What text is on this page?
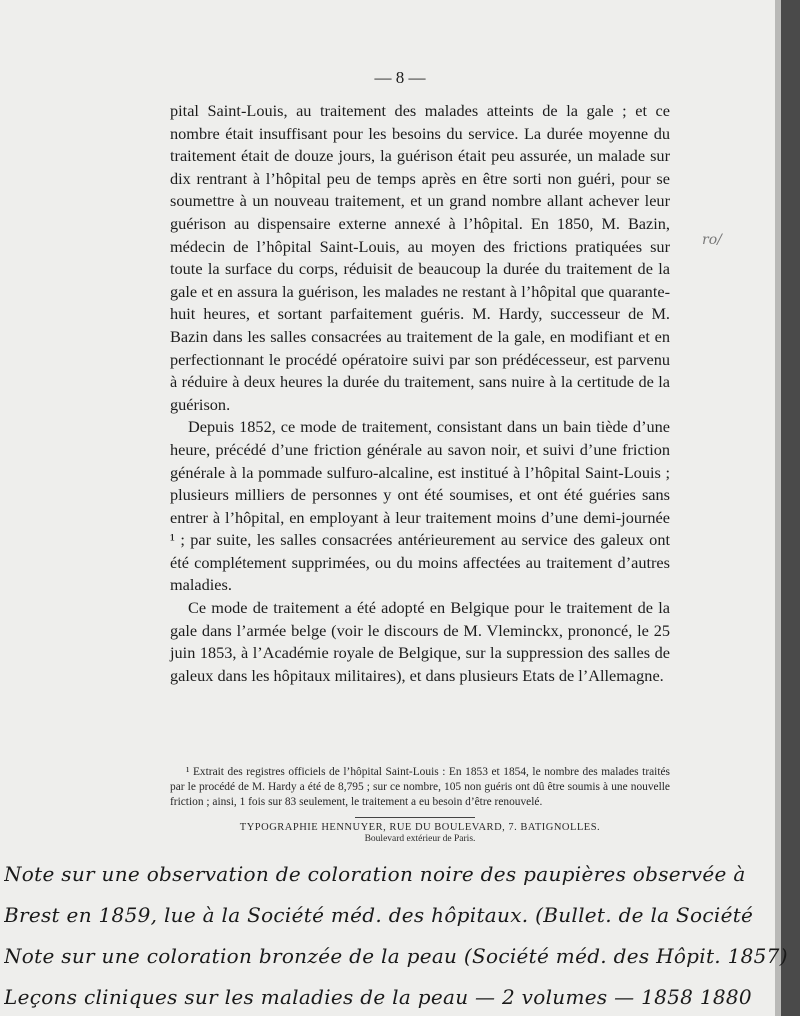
— 8 —
ro/

pital Saint-Louis, au traitement des malades atteints de la gale ; et ce nombre était insuffisant pour les besoins du service. La durée moyenne du traitement était de douze jours, la guérison était peu assurée, un malade sur dix rentrant à l’hôpital peu de temps après en être sorti non guéri, pour se soumettre à un nouveau traitement, et un grand nombre allant achever leur guérison au dispensaire externe annexé à l’hôpital. En 1850, M. Bazin, médecin de l’hôpital Saint-Louis, au moyen des frictions pratiquées sur toute la surface du corps, réduisit de beaucoup la durée du traitement de la gale et en assura la guérison, les malades ne restant à l’hôpital que quarante-huit heures, et sortant parfaitement guéris. M. Hardy, successeur de M. Bazin dans les salles consacrées au traitement de la gale, en modifiant et en perfectionnant le procédé opératoire suivi par son prédécesseur, est parvenu à réduire à deux heures la durée du traitement, sans nuire à la certitude de la guérison.

Depuis 1852, ce mode de traitement, consistant dans un bain tiède d’une heure, précédé d’une friction générale au savon noir, et suivi d’une friction générale à la pommade sulfuro-alcaline, est institué à l’hôpital Saint-Louis ; plusieurs milliers de personnes y ont été soumises, et ont été guéries sans entrer à l’hôpital, en employant à leur traitement moins d’une demi-journée ¹ ; par suite, les salles consacrées antérieurement au service des galeux ont été complétement supprimées, ou du moins affectées au traitement d’autres maladies.

Ce mode de traitement a été adopté en Belgique pour le traitement de la gale dans l’armée belge (voir le discours de M. Vleminckx, prononcé, le 25 juin 1853, à l’Académie royale de Belgique, sur la suppression des salles de galeux dans les hôpitaux militaires), et dans plusieurs Etats de l’Allemagne.

¹ Extrait des registres officiels de l’hôpital Saint-Louis : En 1853 et 1854, le nombre des malades traités par le procédé de M. Hardy a été de 8,795 ; sur ce nombre, 105 non guéris ont dû être soumis à une nouvelle friction ; ainsi, 1 fois sur 83 seulement, le traitement a eu besoin d’être renouvelé.

TYPOGRAPHIE HENNUYER, RUE DU BOULEVARD, 7. BATIGNOLLES.
Boulevard extérieur de Paris.
Note sur une observation de coloration noire des paupières observée à
Brest en 1859, lue à la Société méd. des hôpitaux. (Bullet. de la Société
Note sur une coloration bronzée de la peau (Société méd. des Hôpit. 1857)
Leçons cliniques sur les maladies de la peau — 2 volumes — 1858 1880
